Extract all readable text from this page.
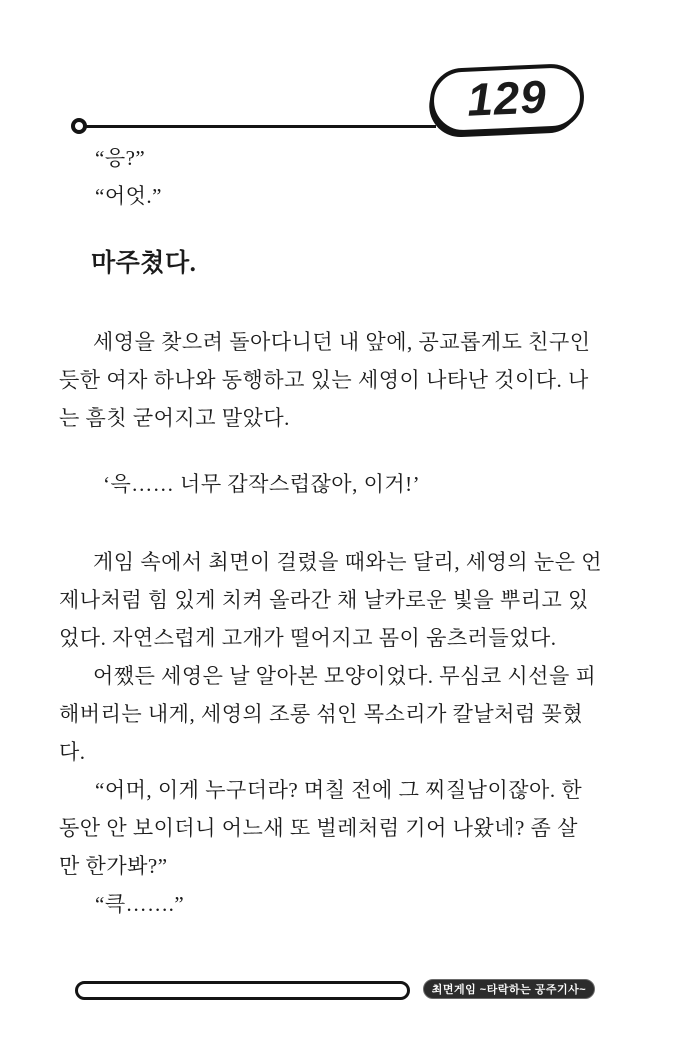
129
“응?”
“어엇.”
마주쳤다.
세영을 찾으려 돌아다니던 내 앞에, 공교롭게도 친구인
듯한 여자 하나와 동행하고 있는 세영이 나타난 것이다. 나
는 흠칫 굳어지고 말았다.
‘윽…… 너무 갑작스럽잖아, 이거!’
게임 속에서 최면이 걸렸을 때와는 달리, 세영의 눈은 언
제나처럼 힘 있게 치켜 올라간 채 날카로운 빛을 뿌리고 있
었다. 자연스럽게 고개가 떨어지고 몸이 움츠러들었다.
어쨌든 세영은 날 알아본 모양이었다. 무심코 시선을 피
해버리는 내게, 세영의 조롱 섞인 목소리가 칼날처럼 꽂혔
다.
“어머, 이게 누구더라? 며칠 전에 그 찌질남이잖아. 한
동안 안 보이더니 어느새 또 벌레처럼 기어 나왔네? 좀 살
만 한가봐?”
“큭…….”
최면게임 ~타락하는 공주기사~
